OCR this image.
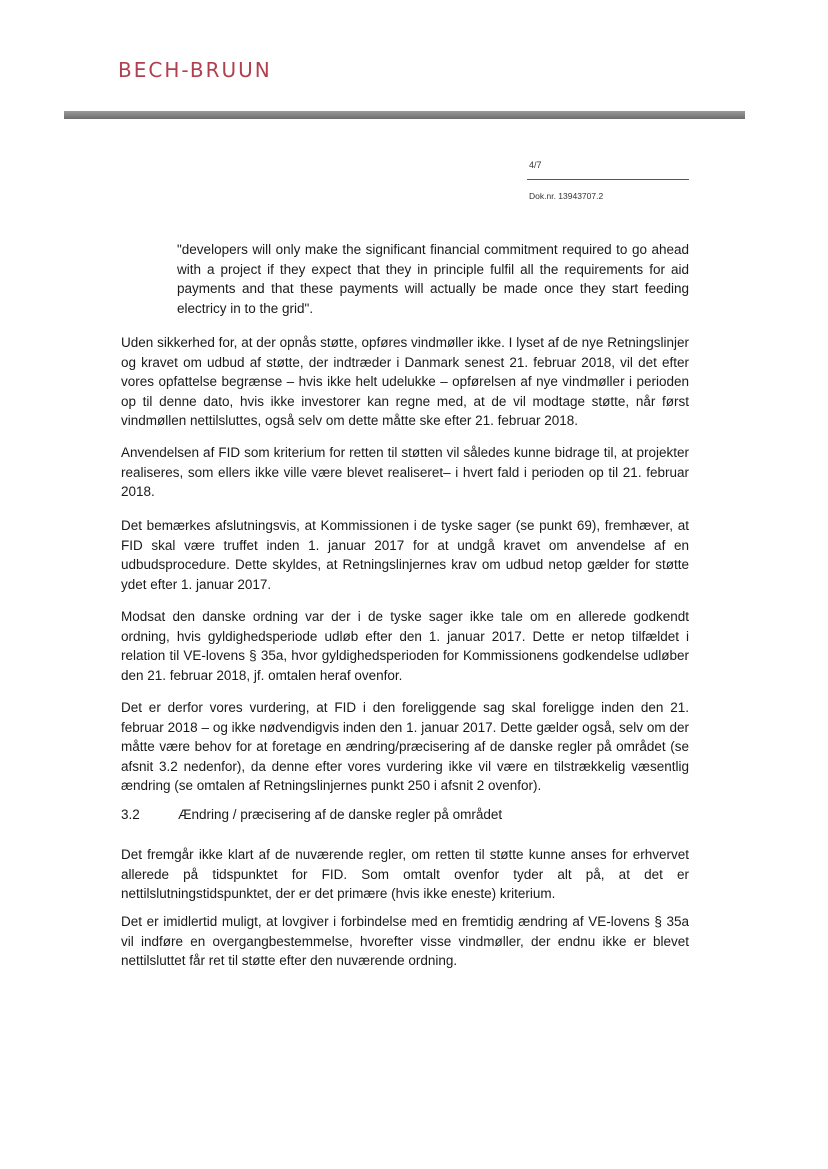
BECH-BRUUN
4/7
Dok.nr. 13943707.2
"developers will only make the significant financial commitment required to go ahead with a project if they expect that they in principle fulfil all the requirements for aid payments and that these payments will actually be made once they start feeding electricy in to the grid".
Uden sikkerhed for, at der opnås støtte, opføres vindmøller ikke. I lyset af de nye Retningslinjer og kravet om udbud af støtte, der indtræder i Danmark senest 21. februar 2018, vil det efter vores opfattelse begrænse – hvis ikke helt udelukke – opførelsen af nye vindmøller i perioden op til denne dato, hvis ikke investorer kan regne med, at de vil modtage støtte, når først vindmøllen nettilsluttes, også selv om dette måtte ske efter 21. februar 2018.
Anvendelsen af FID som kriterium for retten til støtten vil således kunne bidrage til, at projekter realiseres, som ellers ikke ville være blevet realiseret– i hvert fald i perioden op til 21. februar 2018.
Det bemærkes afslutningsvis, at Kommissionen i de tyske sager (se punkt 69), fremhæver, at FID skal være truffet inden 1. januar 2017 for at undgå kravet om anvendelse af en udbudsprocedure. Dette skyldes, at Retningslinjernes krav om udbud netop gælder for støtte ydet efter 1. januar 2017.
Modsat den danske ordning var der i de tyske sager ikke tale om en allerede godkendt ordning, hvis gyldighedsperiode udløb efter den 1. januar 2017. Dette er netop tilfældet i relation til VE-lovens § 35a, hvor gyldighedsperioden for Kommissionens godkendelse udløber den 21. februar 2018, jf. omtalen heraf ovenfor.
Det er derfor vores vurdering, at FID i den foreliggende sag skal foreligge inden den 21. februar 2018 – og ikke nødvendigvis inden den 1. januar 2017. Dette gælder også, selv om der måtte være behov for at foretage en ændring/præcisering af de danske regler på området (se afsnit 3.2 nedenfor), da denne efter vores vurdering ikke vil være en tilstrækkelig væsentlig ændring (se omtalen af Retningslinjernes punkt 250 i afsnit 2 ovenfor).
3.2	Ændring / præcisering af de danske regler på området
Det fremgår ikke klart af de nuværende regler, om retten til støtte kunne anses for erhvervet allerede på tidspunktet for FID. Som omtalt ovenfor tyder alt på, at det er nettilslutningstidspunktet, der er det primære (hvis ikke eneste) kriterium.
Det er imidlertid muligt, at lovgiver i forbindelse med en fremtidig ændring af VE-lovens § 35a vil indføre en overgangbestemmelse, hvorefter visse vindmøller, der endnu ikke er blevet nettilsluttet får ret til støtte efter den nuværende ordning.
